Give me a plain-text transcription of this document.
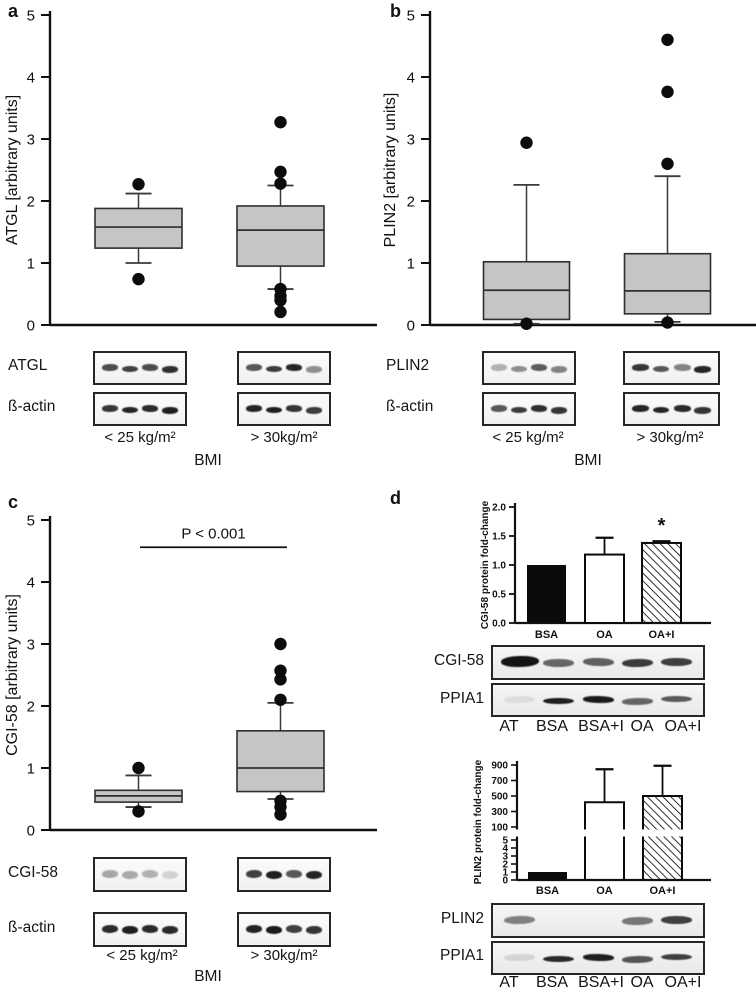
0
1
2
3
4
5
ATGL [arbitrary units]
a
ATGL
ß-actin
< 25 kg/m²	> 30kg/m²
BMI
0
1
2
3
4
5
PLIN2 [arbitrary units]
b
PLIN2
ß-actin
< 25 kg/m²	> 30kg/m²
BMI
0
1
2
3
4
5
CGI-58 [arbitrary units]
P < 0.001
c
CGI-58
ß-actin
< 25 kg/m²	> 30kg/m²
BMI
0.0
0.5
1.0
1.5
2.0
CGI-58 protein fold-change
BSA	OA	OA+I
*
100
300
500
700
900
0
1
2
3
4
5
PLIN2 protein fold-change
BSA	OA	OA+I
d
CGI-58
PPIA1
AT BSA BSA+I OA OA+I
PLIN2
PPIA1
AT BSA BSA+I OA OA+I
